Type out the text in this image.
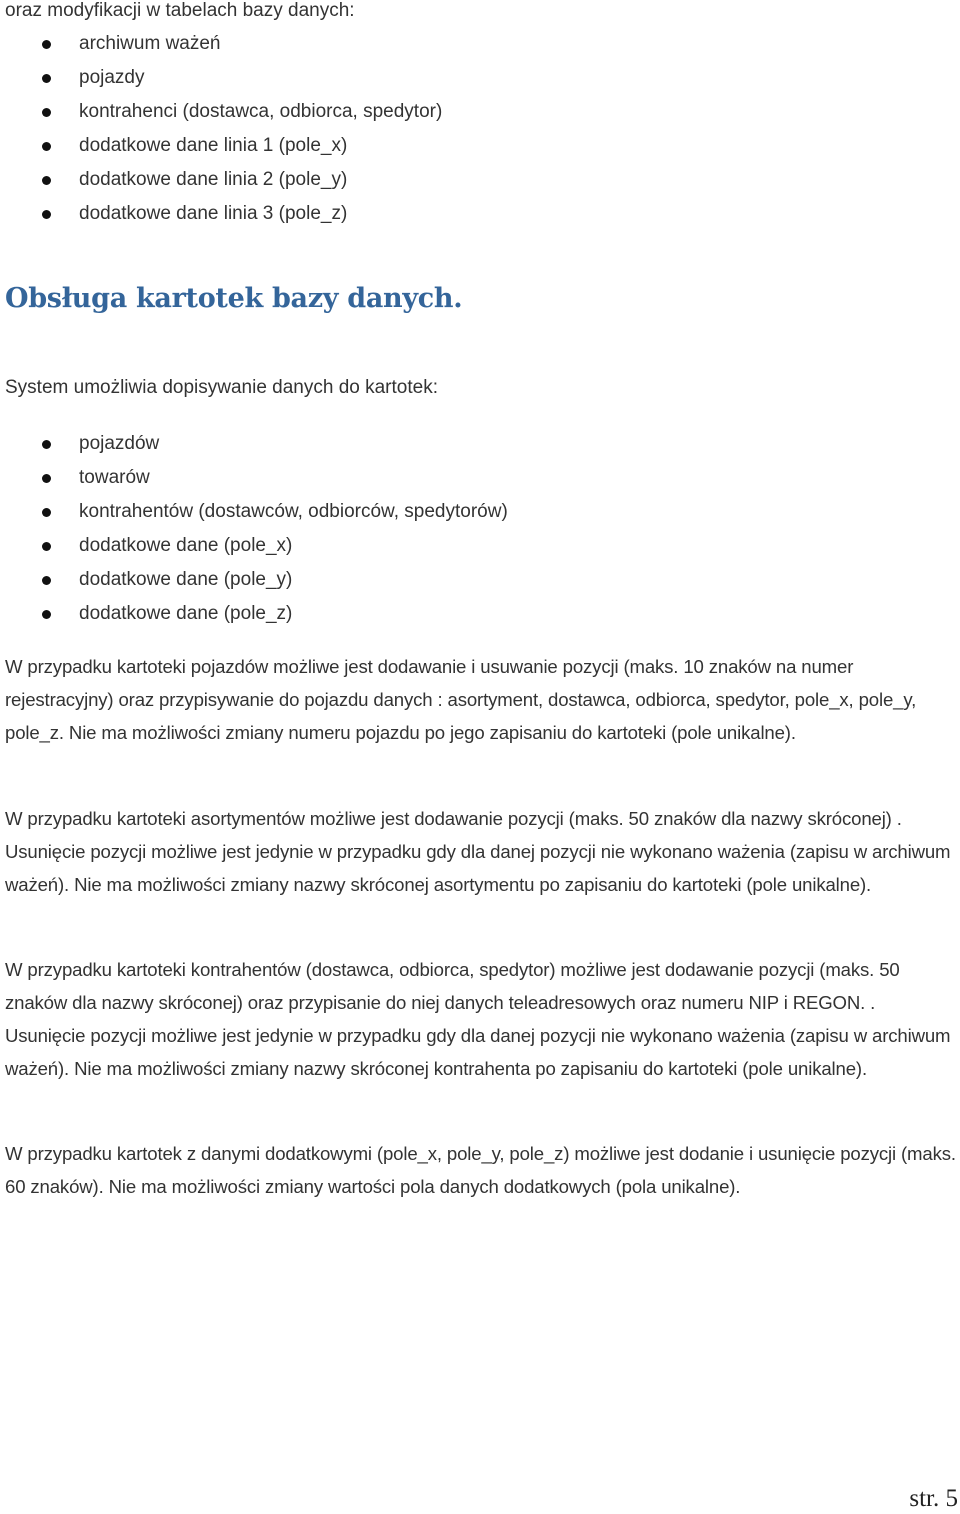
oraz modyfikacji w tabelach bazy danych:

archiwum ważeń
pojazdy
kontrahenci (dostawca, odbiorca, spedytor)
dodatkowe dane linia 1 (pole_x)
dodatkowe dane linia 2 (pole_y)
dodatkowe dane linia 3 (pole_z)
Obsługa kartotek bazy danych.

System umożliwia dopisywanie danych do kartotek:

pojazdów
towarów
kontrahentów (dostawców, odbiorców, spedytorów)
dodatkowe dane (pole_x)
dodatkowe dane (pole_y)
dodatkowe dane (pole_z)

W przypadku kartoteki pojazdów możliwe jest dodawanie i usuwanie pozycji (maks. 10 znaków na numer rejestracyjny) oraz przypisywanie do pojazdu danych : asortyment, dostawca, odbiorca, spedytor, pole_x, pole_y, pole_z. Nie ma możliwości zmiany numeru pojazdu po jego zapisaniu do kartoteki (pole unikalne).

W przypadku kartoteki asortymentów możliwe jest dodawanie pozycji (maks. 50 znaków dla nazwy skróconej) . Usunięcie pozycji możliwe jest jedynie w przypadku gdy dla danej pozycji nie wykonano ważenia (zapisu w archiwum ważeń). Nie ma możliwości zmiany nazwy skróconej asortymentu po zapisaniu do kartoteki (pole unikalne).

W przypadku kartoteki kontrahentów (dostawca, odbiorca, spedytor) możliwe jest dodawanie pozycji (maks. 50 znaków dla nazwy skróconej) oraz przypisanie do niej danych teleadresowych oraz numeru NIP i REGON. . Usunięcie pozycji możliwe jest jedynie w przypadku gdy dla danej pozycji nie wykonano ważenia (zapisu w archiwum ważeń). Nie ma możliwości zmiany nazwy skróconej kontrahenta po zapisaniu do kartoteki (pole unikalne).

W przypadku kartotek z danymi dodatkowymi (pole_x, pole_y, pole_z) możliwe jest dodanie i usunięcie pozycji (maks. 60 znaków). Nie ma możliwości zmiany wartości pola danych dodatkowych (pola unikalne).

str. 5
